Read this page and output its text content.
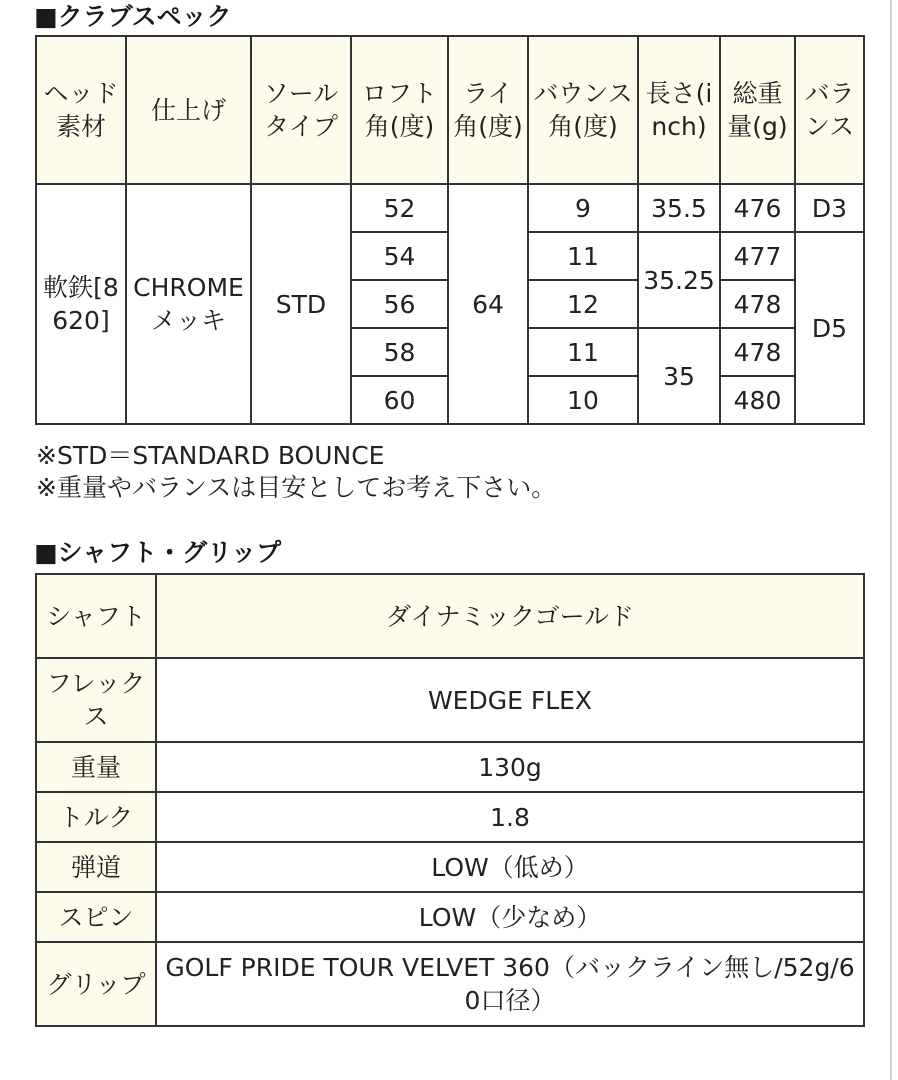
■クラブスペック
ヘッド素材	仕上げ	ソールタイプ	ロフト角(度)	ライ角(度)	バウンス角(度)	長さ(inch)	総重量(g)	バランス
軟鉄[8620]	CHROMEメッキ	STD	52	64	9	35.5	476	D3
			54		11	35.25	477	D5
			56		12		478	
			58		11	35	478	
			60		10		480	

※STD＝STANDARD BOUNCE

※重量やバランスは目安としてお考え下さい。

■シャフト・グリップ
シャフト	ダイナミックゴールド
フレックス	WEDGE FLEX
重量	130g
トルク	1.8
弾道	LOW（低め）
スピン	LOW（少なめ）
グリップ	GOLF PRIDE TOUR VELVET 360（バックライン無し/52g/60口径）
